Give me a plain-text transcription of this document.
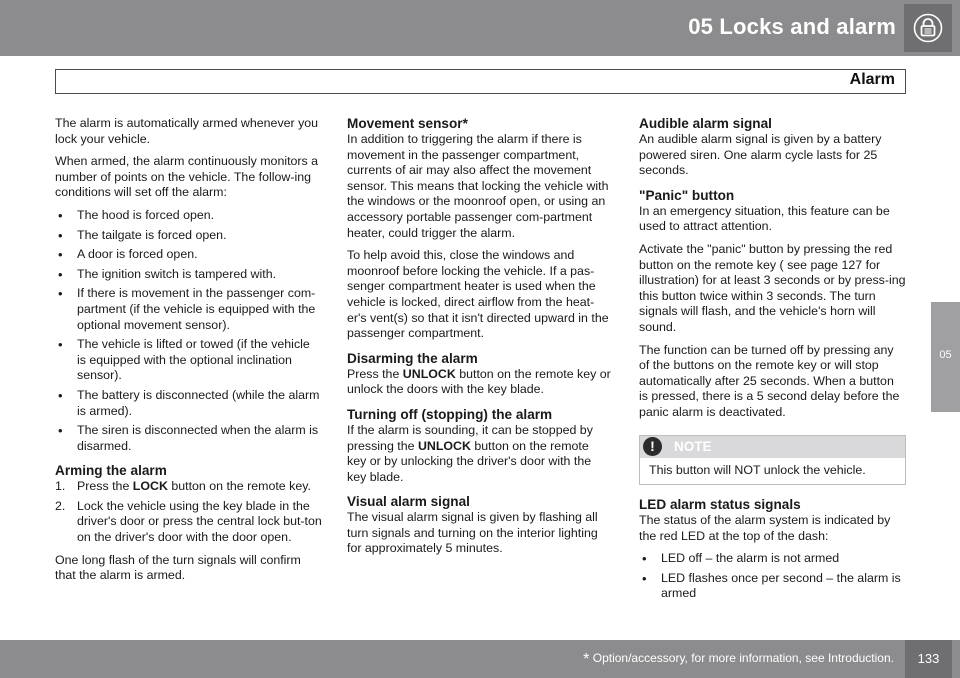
05 Locks and alarm
Alarm
05

The alarm is automatically armed whenever you lock your vehicle.

When armed, the alarm continuously monitors a number of points on the vehicle. The follow-ing conditions will set off the alarm:

• The hood is forced open.
• The tailgate is forced open.
• A door is forced open.
• The ignition switch is tampered with.
• If there is movement in the passenger com-partment (if the vehicle is equipped with the optional movement sensor).
• The vehicle is lifted or towed (if the vehicle is equipped with the optional inclination sensor).
• The battery is disconnected (while the alarm is armed).
• The siren is disconnected when the alarm is disarmed.
Arming the alarm
1. Press the LOCK button on the remote key.
2. Lock the vehicle using the key blade in the driver's door or press the central lock but-ton on the driver's door with the door open.

One long flash of the turn signals will confirm that the alarm is armed.

Movement sensor*

In addition to triggering the alarm if there is movement in the passenger compartment, currents of air may also affect the movement sensor. This means that locking the vehicle with the windows or the moonroof open, or using an accessory portable passenger com-partment heater, could trigger the alarm.

To help avoid this, close the windows and moonroof before locking the vehicle. If a pas-senger compartment heater is used when the vehicle is locked, direct airflow from the heat-er's vent(s) so that it isn't directed upward in the passenger compartment.

Disarming the alarm

Press the UNLOCK button on the remote key or unlock the doors with the key blade.

Turning off (stopping) the alarm

If the alarm is sounding, it can be stopped by pressing the UNLOCK button on the remote key or by unlocking the driver's door with the key blade.

Visual alarm signal

The visual alarm signal is given by flashing all turn signals and turning on the interior lighting for approximately 5 minutes.

Audible alarm signal

An audible alarm signal is given by a battery powered siren. One alarm cycle lasts for 25 seconds.

"Panic" button

In an emergency situation, this feature can be used to attract attention.

Activate the "panic" button by pressing the red button on the remote key ( see page 127 for illustration) for at least 3 seconds or by press-ing this button twice within 3 seconds. The turn signals will flash, and the vehicle's horn will sound.

The function can be turned off by pressing any of the buttons on the remote key or will stop automatically after 25 seconds. When a button is pressed, there is a 5 second delay before the panic alarm is deactivated.

!	NOTE
This button will NOT unlock the vehicle.
LED alarm status signals

The status of the alarm system is indicated by the red LED at the top of the dash:

• LED off – the alarm is not armed
• LED flashes once per second – the alarm is armed
* Option/accessory, for more information, see Introduction.	133
